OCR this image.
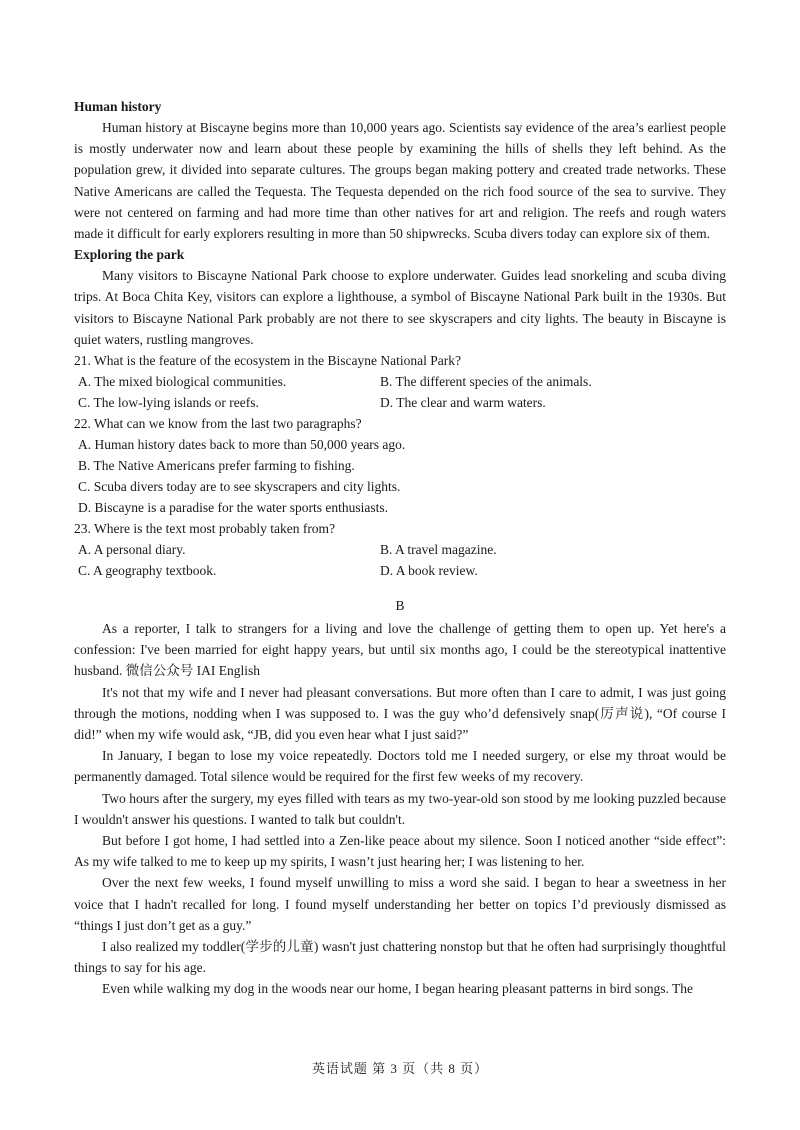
Human history

Human history at Biscayne begins more than 10,000 years ago. Scientists say evidence of the area’s earliest people is mostly underwater now and learn about these people by examining the hills of shells they left behind. As the population grew, it divided into separate cultures. The groups began making pottery and created trade networks. These Native Americans are called the Tequesta. The Tequesta depended on the rich food source of the sea to survive. They were not centered on farming and had more time than other natives for art and religion. The reefs and rough waters made it difficult for early explorers resulting in more than 50 shipwrecks. Scuba divers today can explore six of them.

Exploring the park

Many visitors to Biscayne National Park choose to explore underwater. Guides lead snorkeling and scuba diving trips. At Boca Chita Key, visitors can explore a lighthouse, a symbol of Biscayne National Park built in the 1930s. But visitors to Biscayne National Park probably are not there to see skyscrapers and city lights. The beauty in Biscayne is quiet waters, rustling mangroves.

21. What is the feature of the ecosystem in the Biscayne National Park?

A. The mixed biological communities.	B. The different species of the animals.
C. The low-lying islands or reefs.	D. The clear and warm waters.

22. What can we know from the last two paragraphs?

A. Human history dates back to more than 50,000 years ago.
B. The Native Americans prefer farming to fishing.
C. Scuba divers today are to see skyscrapers and city lights.
D. Biscayne is a paradise for the water sports enthusiasts.

23. Where is the text most probably taken from?

A. A personal diary.	B. A travel magazine.
C. A geography textbook.	D. A book review.
B

As a reporter, I talk to strangers for a living and love the challenge of getting them to open up. Yet here's a confession: I've been married for eight happy years, but until six months ago, I could be the stereotypical inattentive husband. 微信公众号 IAI English

It's not that my wife and I never had pleasant conversations. But more often than I care to admit, I was just going through the motions, nodding when I was supposed to. I was the guy who’d defensively snap(厉声说), “Of course I did!” when my wife would ask, “JB, did you even hear what I just said?”

In January, I began to lose my voice repeatedly. Doctors told me I needed surgery, or else my throat would be permanently damaged. Total silence would be required for the first few weeks of my recovery.

Two hours after the surgery, my eyes filled with tears as my two-year-old son stood by me looking puzzled because I wouldn't answer his questions. I wanted to talk but couldn't.

But before I got home, I had settled into a Zen-like peace about my silence. Soon I noticed another “side effect”: As my wife talked to me to keep up my spirits, I wasn’t just hearing her; I was listening to her.

Over the next few weeks, I found myself unwilling to miss a word she said. I began to hear a sweetness in her voice that I hadn't recalled for long. I found myself understanding her better on topics I’d previously dismissed as “things I just don’t get as a guy.”

I also realized my toddler(学步的儿童) wasn't just chattering nonstop but that he often had surprisingly thoughtful things to say for his age.

Even while walking my dog in the woods near our home, I began hearing pleasant patterns in bird songs. The

英语试题 第 3 页（共 8 页）
